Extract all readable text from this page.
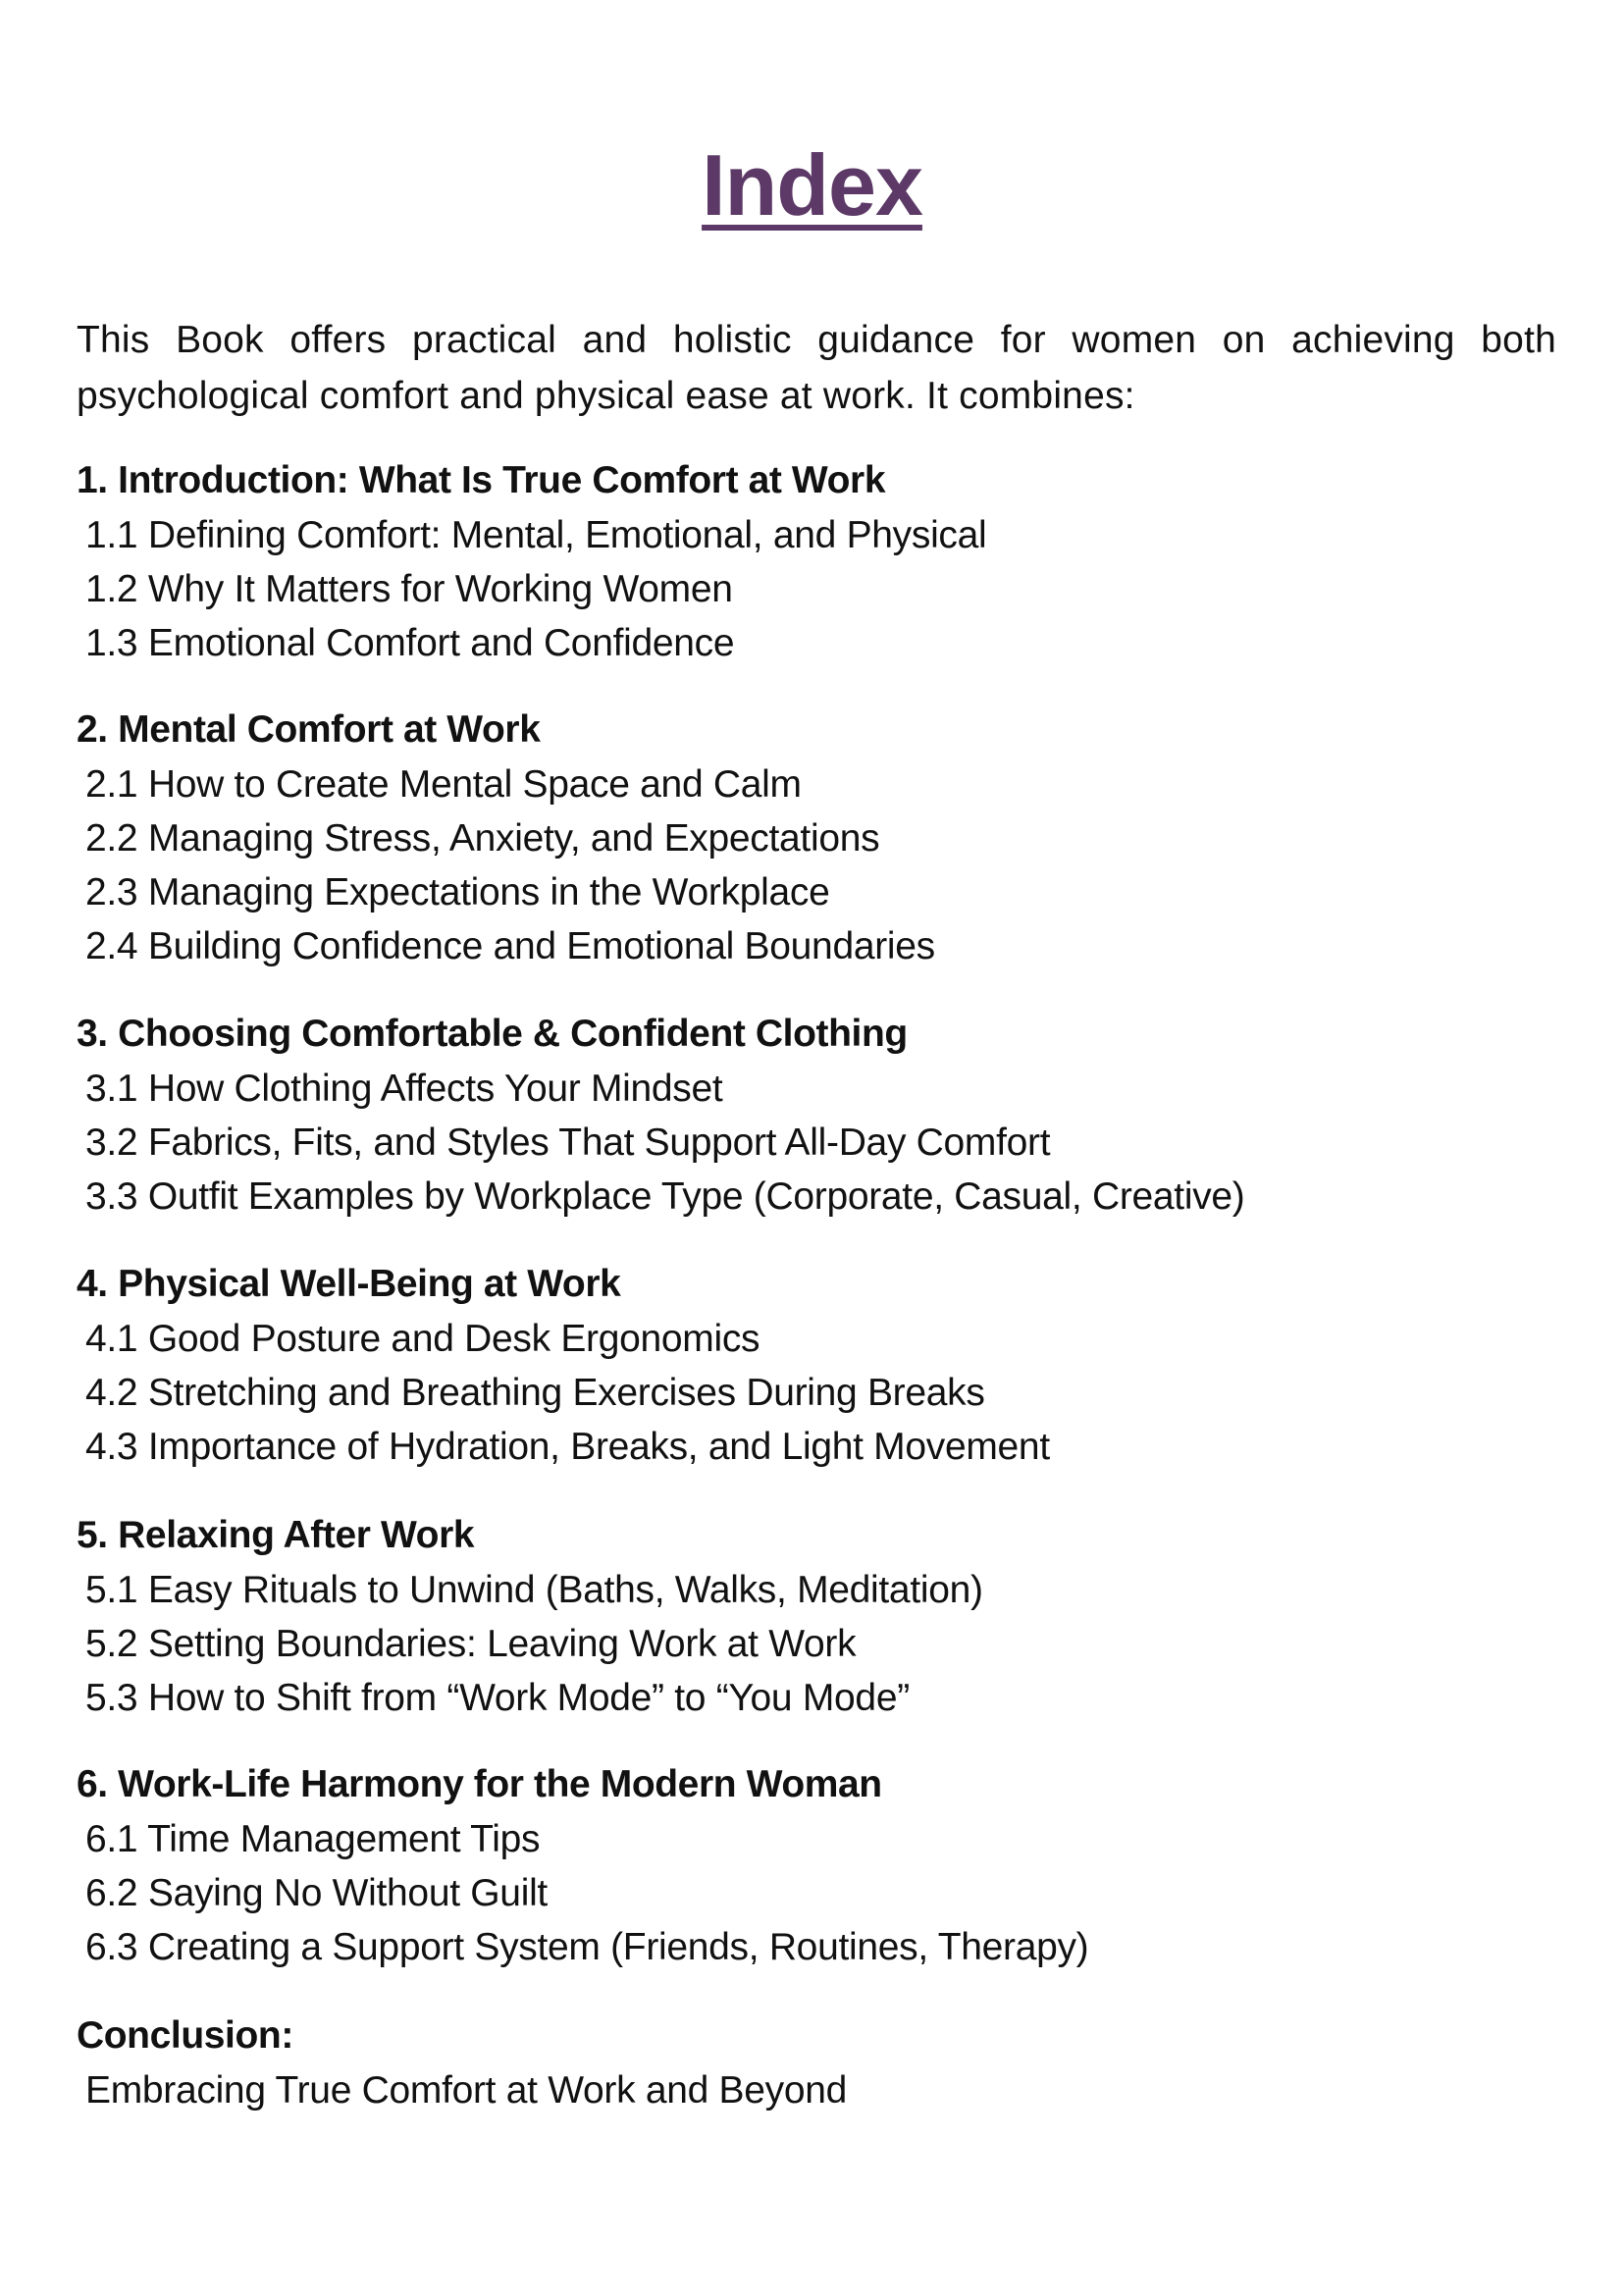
Index

This Book offers practical and holistic guidance for women on achieving both psychological comfort and physical ease at work. It combines:

1. Introduction: What Is True Comfort at Work
1.1 Defining Comfort: Mental, Emotional, and Physical
1.2 Why It Matters for Working Women
1.3 Emotional Comfort and Confidence
2. Mental Comfort at Work
2.1 How to Create Mental Space and Calm
2.2 Managing Stress, Anxiety, and Expectations
2.3 Managing Expectations in the Workplace
2.4 Building Confidence and Emotional Boundaries
3. Choosing Comfortable & Confident Clothing
3.1 How Clothing Affects Your Mindset
3.2 Fabrics, Fits, and Styles That Support All-Day Comfort
3.3 Outfit Examples by Workplace Type (Corporate, Casual, Creative)
4. Physical Well-Being at Work
4.1 Good Posture and Desk Ergonomics
4.2 Stretching and Breathing Exercises During Breaks
4.3 Importance of Hydration, Breaks, and Light Movement
5. Relaxing After Work
5.1 Easy Rituals to Unwind (Baths, Walks, Meditation)
5.2 Setting Boundaries: Leaving Work at Work
5.3 How to Shift from “Work Mode” to “You Mode”
6. Work-Life Harmony for the Modern Woman
6.1 Time Management Tips
6.2 Saying No Without Guilt
6.3 Creating a Support System (Friends, Routines, Therapy)
Conclusion:
Embracing True Comfort at Work and Beyond
